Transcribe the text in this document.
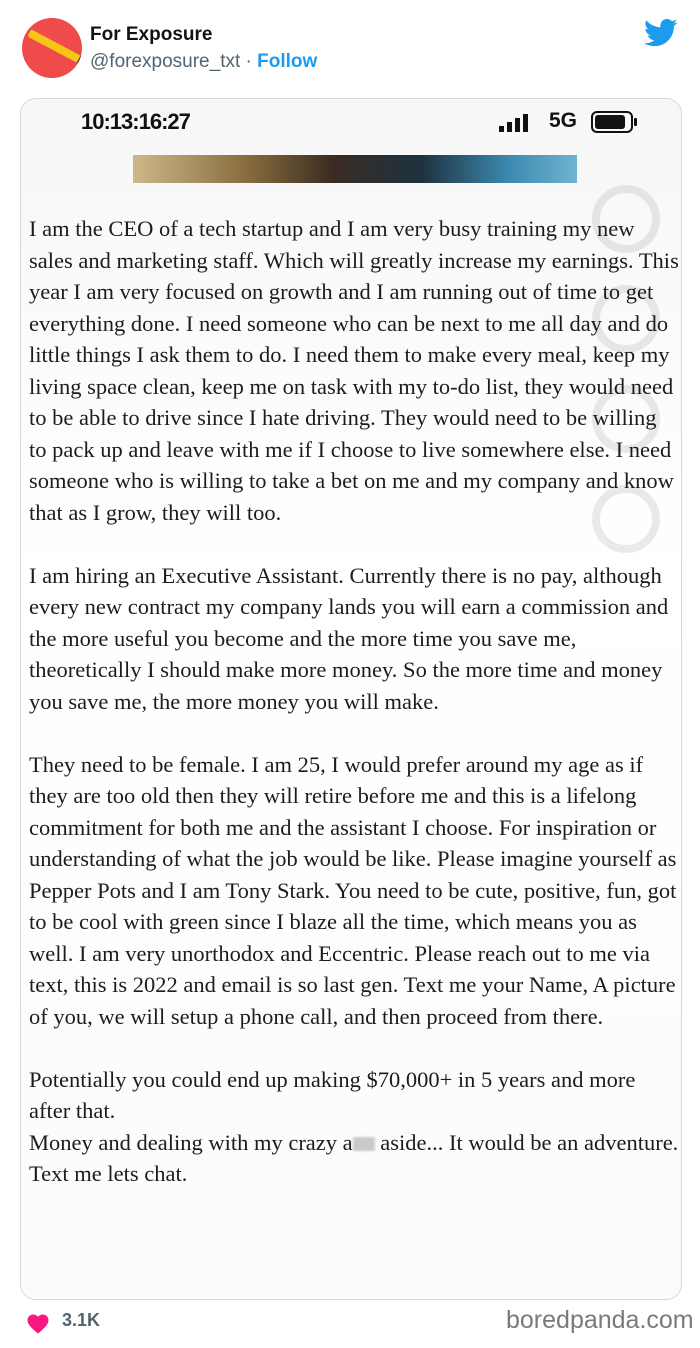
For Exposure
@forexposure_txt · Follow
10:13:16:27	5G

I am the CEO of a tech startup and I am very busy training my new sales and marketing staff. Which will greatly increase my earnings. This year I am very focused on growth and I am running out of time to get everything done. I need someone who can be next to me all day and do little things I ask them to do. I need them to make every meal, keep my living space clean, keep me on task with my to-do list, they would need to be able to drive since I hate driving. They would need to be willing to pack up and leave with me if I choose to live somewhere else. I need someone who is willing to take a bet on me and my company and know that as I grow, they will too.

I am hiring an Executive Assistant. Currently there is no pay, although every new contract my company lands you will earn a commission and the more useful you become and the more time you save me, theoretically I should make more money. So the more time and money you save me, the more money you will make.

They need to be female. I am 25, I would prefer around my age as if they are too old then they will retire before me and this is a lifelong commitment for both me and the assistant I choose. For inspiration or understanding of what the job would be like. Please imagine yourself as Pepper Pots and I am Tony Stark. You need to be cute, positive, fun, got to be cool with green since I blaze all the time, which means you as well. I am very unorthodox and Eccentric. Please reach out to me via text, this is 2022 and email is so last gen. Text me your Name, A picture of you, we will setup a phone call, and then proceed from there.

Potentially you could end up making $70,000+ in 5 years and more after that.

Money and dealing with my crazy a aside... It would be an adventure. Text me lets chat.

3.1K	boredpanda.com
